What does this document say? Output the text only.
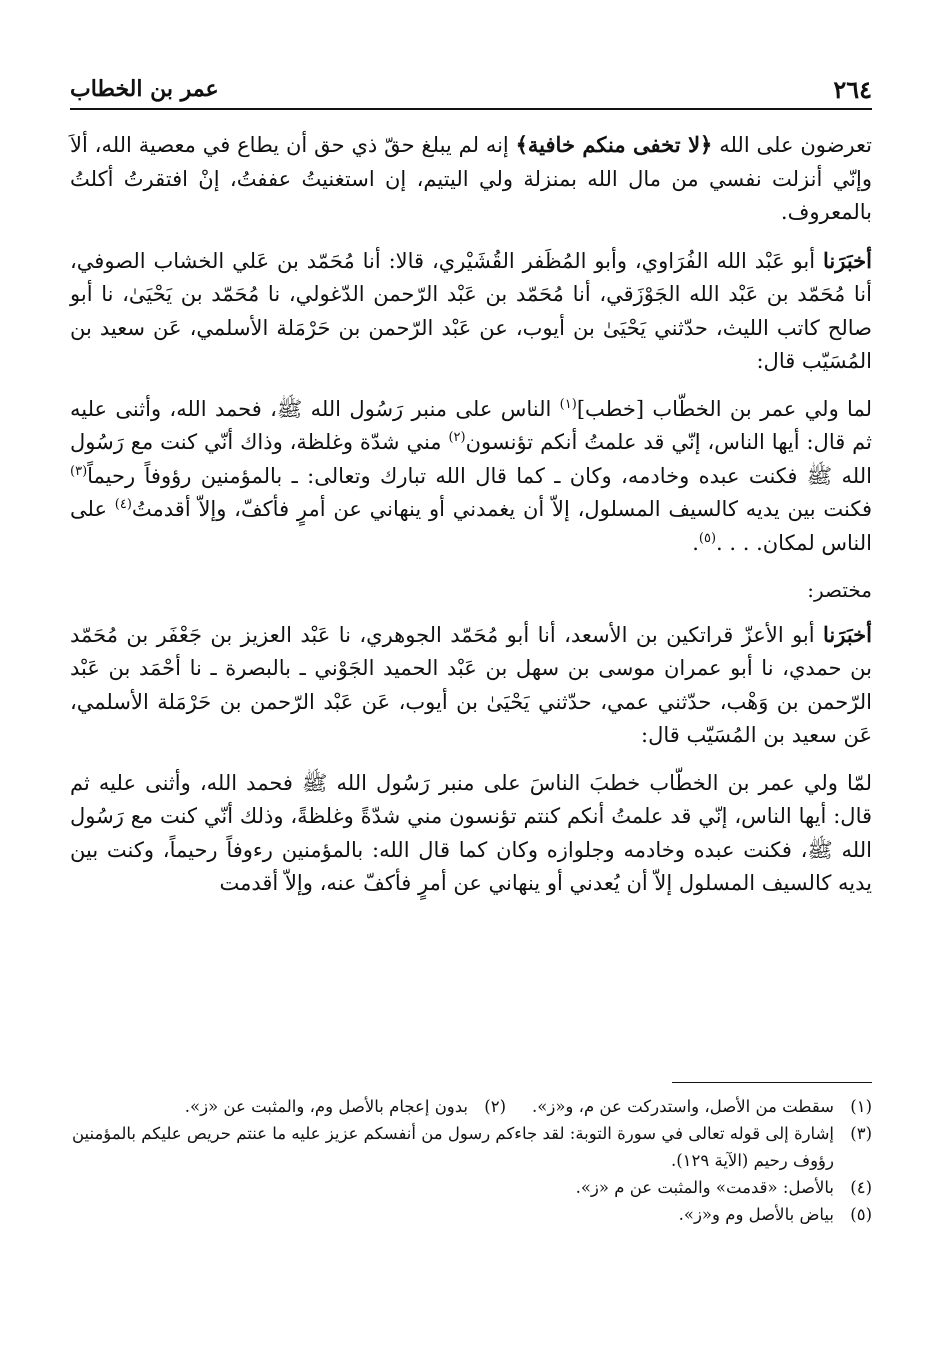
٢٦٤
عمر بن الخطاب

تعرضون على الله ﴿لا تخفى منكم خافية﴾ إنه لم يبلغ حقّ ذي حق أن يطاع في معصية الله، ألاَ وإنّي أنزلت نفسي من مال الله بمنزلة ولي اليتيم، إن استغنيتُ عففتُ، إنْ افتقرتُ أكلتُ بالمعروف.

أخبَرَنا أبو عَبْد الله الفُرَاوي، وأبو المُظَفر القُشَيْري، قالا: أنا مُحَمّد بن عَلي الخشاب الصوفي، أنا مُحَمّد بن عَبْد الله الجَوْزَقي، أنا مُحَمّد بن عَبْد الرّحمن الدّغولي، نا مُحَمّد بن يَحْيَىٰ، نا أبو صالح كاتب الليث، حدّثني يَحْيَىٰ بن أيوب، عن عَبْد الرّحمن بن حَرْمَلة الأسلمي، عَن سعيد بن المُسَيّب قال:

لما ولي عمر بن الخطّاب [خطب]$^{(١)}$ الناس على منبر رَسُول الله ﷺ، فحمد الله، وأثنى عليه ثم قال: أيها الناس، إنّي قد علمتُ أنكم تؤنسون$^{(٢)}$ مني شدّة وغلظة، وذاك أنّي كنت مع رَسُول الله ﷺ فكنت عبده وخادمه، وكان ـ كما قال الله تبارك وتعالى: ـ بالمؤمنين رؤوفاً رحيماً$^{(٣)}$ فكنت بين يديه كالسيف المسلول، إلاّ أن يغمدني أو ينهاني عن أمرٍ فأكفّ، وإلاّ أقدمتُ$^{(٤)}$ على الناس لمكان. . . .$^{(٥)}$.

مختصر:

أخبَرَنا أبو الأعزّ قراتكين بن الأسعد، أنا أبو مُحَمّد الجوهري، نا عَبْد العزيز بن جَعْفَر بن مُحَمّد بن حمدي، نا أبو عمران موسى بن سهل بن عَبْد الحميد الجَوْني ـ بالبصرة ـ نا أحْمَد بن عَبْد الرّحمن بن وَهْب، حدّثني عمي، حدّثني يَحْيَىٰ بن أيوب، عَن عَبْد الرّحمن بن حَرْمَلة الأسلمي، عَن سعيد بن المُسَيّب قال:

لمّا ولي عمر بن الخطّاب خطبَ الناسَ على منبر رَسُول الله ﷺ فحمد الله، وأثنى عليه ثم قال: أيها الناس، إنّي قد علمتُ أنكم كنتم تؤنسون مني شدّةً وغلظةً، وذلك أنّي كنت مع رَسُول الله ﷺ، فكنت عبده وخادمه وجلوازه وكان كما قال الله: بالمؤمنين رءوفاً رحيماً، وكنت بين يديه كالسيف المسلول إلاّ أن يُعدني أو ينهاني عن أمرٍ فأكفّ عنه، وإلاّ أقدمت

(١)
سقطت من الأصل، واستدركت عن م، و«ز».
(٢)
بدون إعجام بالأصل وم، والمثبت عن «ز».
(٣)
إشارة إلى قوله تعالى في سورة التوبة: لقد جاءكم رسول من أنفسكم عزيز عليه ما عنتم حريص عليكم بالمؤمنين رؤوف رحيم (الآية ١٢٩).
(٤)
بالأصل: «قدمت» والمثبت عن م «ز».
(٥)
بياض بالأصل وم و«ز».
